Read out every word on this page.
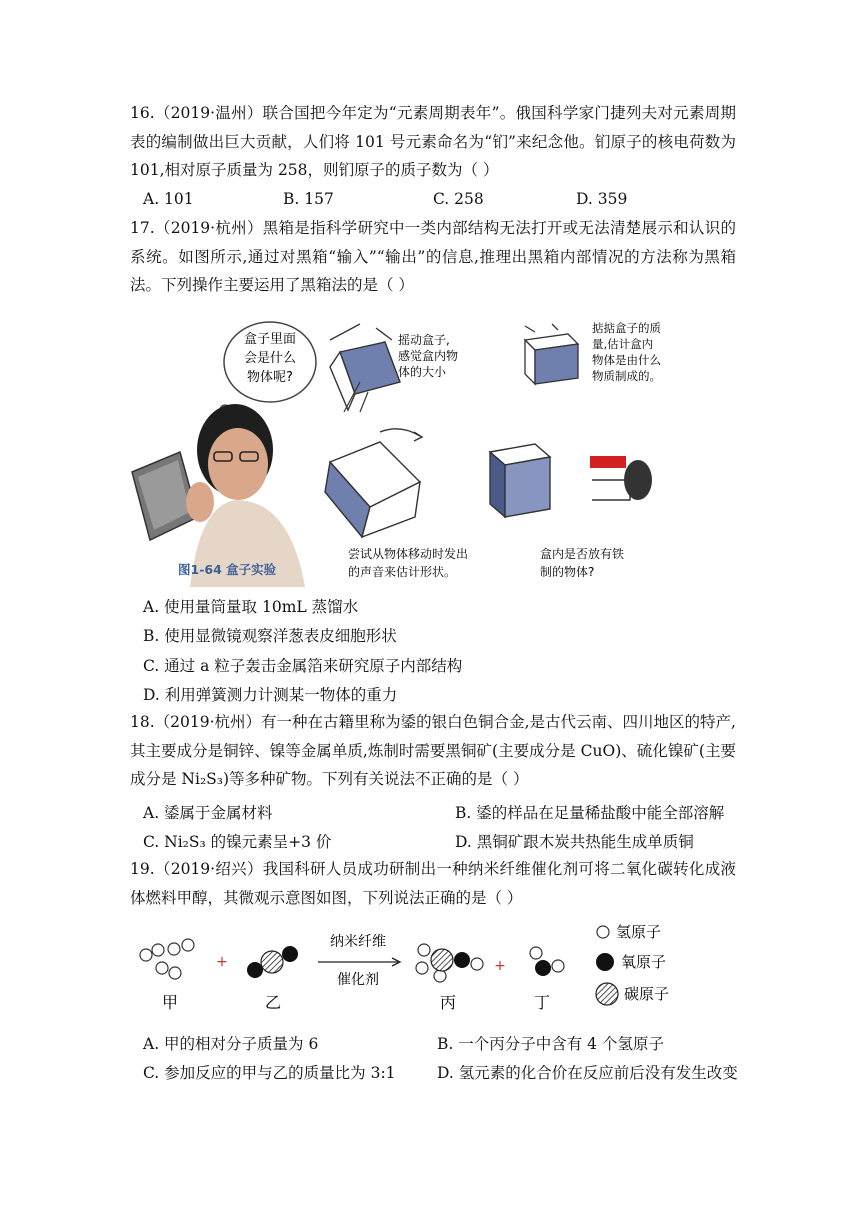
16.（2019·温州）联合国把今年定为“元素周期表年”。俄国科学家门捷列夫对元素周期表的编制做出巨大贡献，人们将 101 号元素命名为“钔”来纪念他。钔原子的核电荷数为 101,相对原子质量为 258，则钔原子的质子数为（ ）
A. 101	B. 157	C. 258	D. 359
17.（2019·杭州）黑箱是指科学研究中一类内部结构无法打开或无法清楚展示和认识的系统。如图所示,通过对黑箱“输入”“输出”的信息,推理出黑箱内部情况的方法称为黑箱法。下列操作主要运用了黑箱法的是（ ）
盒子里面
会是什么
物体呢?
摇动盒子,
感觉盒内物
体的大小
掂掂盒子的质
量,估计盒内
物体是由什么
物质制成的。
尝试从物体移动时发出
的声音来估计形状。
盒内是否放有铁
制的物体?
图1-64 盒子实验
A. 使用量筒量取 10mL 蒸馏水
B. 使用显微镜观察洋葱表皮细胞形状
C. 通过 a 粒子轰击金属箔来研究原子内部结构
D. 利用弹簧测力计测某一物体的重力
18.（2019·杭州）有一种在古籍里称为鋈的银白色铜合金,是古代云南、四川地区的特产,其主要成分是铜锌、镍等金属单质,炼制时需要黑铜矿(主要成分是 CuO)、硫化镍矿(主要成分是 Ni₂S₃)等多种矿物。下列有关说法不正确的是（ ）
A. 鋈属于金属材料	B. 鋈的样品在足量稀盐酸中能全部溶解
C. Ni₂S₃ 的镍元素呈+3 价	D. 黑铜矿跟木炭共热能生成单质铜
19.（2019·绍兴）我国科研人员成功研制出一种纳米纤维催化剂可将二氧化碳转化成液体燃料甲醇，其微观示意图如图，下列说法正确的是（ ）
甲
+
乙
纳米纤维
催化剂
丙
+
丁
氢原子
氧原子
碳原子
A. 甲的相对分子质量为 6	B. 一个丙分子中含有 4 个氢原子
C. 参加反应的甲与乙的质量比为 3:1	D. 氢元素的化合价在反应前后没有发生改变
